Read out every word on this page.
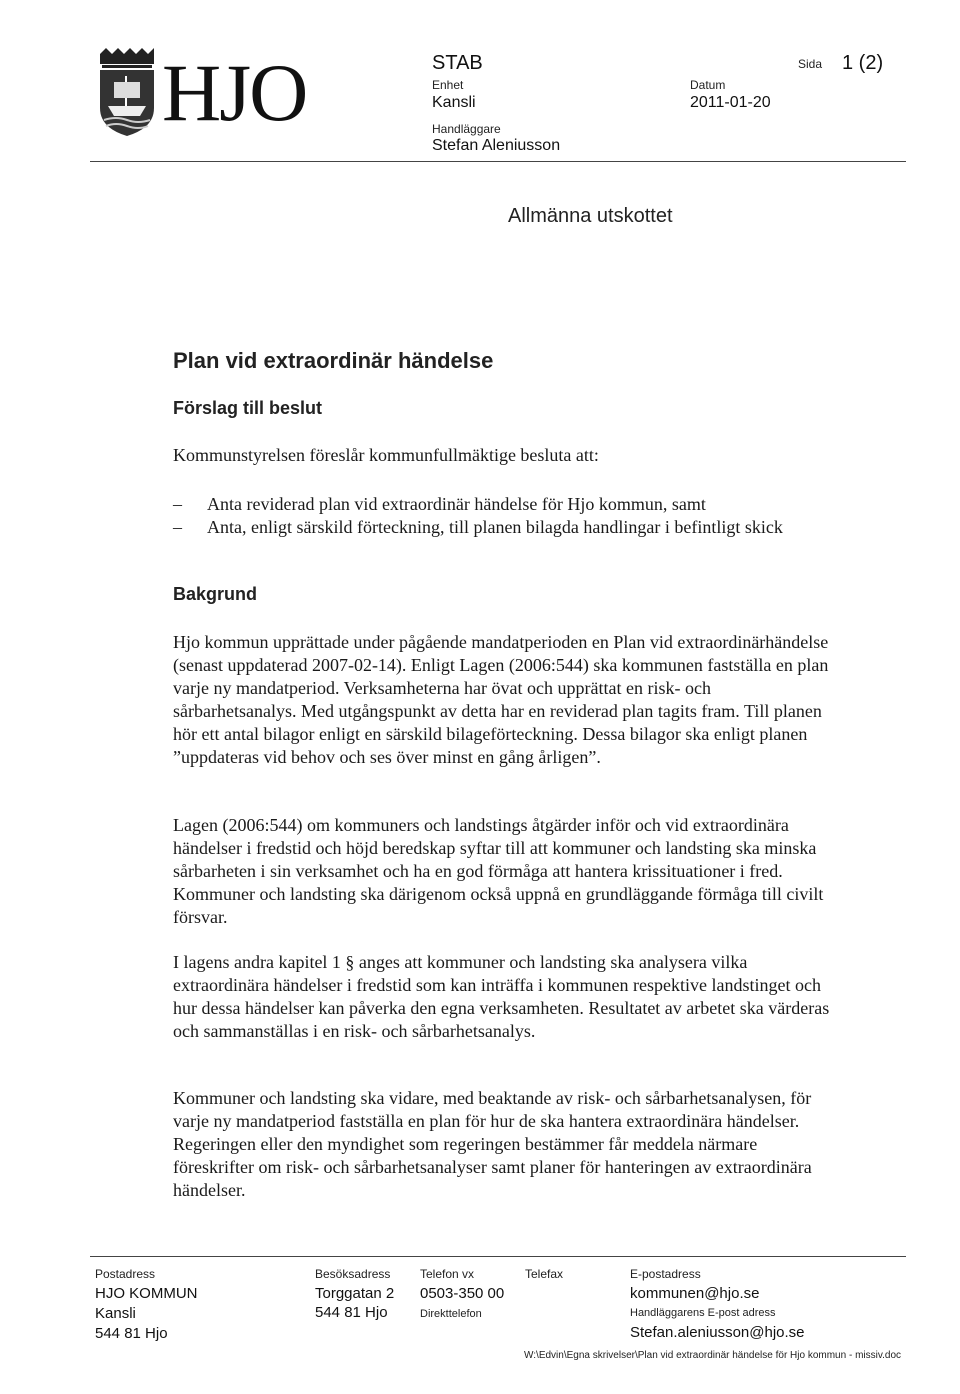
HJO	STAB
Enhet
Kansli
Datum
2011-01-20
Handläggare
Stefan Aleniusson
Sida 1 (2)
Allmänna utskottet
Plan vid extraordinär händelse
Förslag till beslut
Kommunstyrelsen föreslår kommunfullmäktige besluta att:
– Anta reviderad plan vid extraordinär händelse för Hjo kommun, samt
– Anta, enligt särskild förteckning, till planen bilagda handlingar i befintligt skick
Bakgrund
Hjo kommun upprättade under pågående mandatperioden en Plan vid extraordinärhändelse (senast uppdaterad 2007-02-14). Enligt Lagen (2006:544) ska kommunen fastställa en plan varje ny mandatperiod. Verksamheterna har övat och upprättat en risk- och sårbarhetsanalys. Med utgångspunkt av detta har en reviderad plan tagits fram. Till planen hör ett antal bilagor enligt en särskild bilageförteckning. Dessa bilagor ska enligt planen ”uppdateras vid behov och ses över minst en gång årligen”.
Lagen (2006:544) om kommuners och landstings åtgärder inför och vid extraordinära händelser i fredstid och höjd beredskap syftar till att kommuner och landsting ska minska sårbarheten i sin verksamhet och ha en god förmåga att hantera krissituationer i fred. Kommuner och landsting ska därigenom också uppnå en grundläggande förmåga till civilt försvar.
I lagens andra kapitel 1 § anges att kommuner och landsting ska analysera vilka extraordinära händelser i fredstid som kan inträffa i kommunen respektive landstinget och hur dessa händelser kan påverka den egna verksamheten. Resultatet av arbetet ska värderas och sammanställas i en risk- och sårbarhetsanalys.
Kommuner och landsting ska vidare, med beaktande av risk- och sårbarhetsanalysen, för varje ny mandatperiod fastställa en plan för hur de ska hantera extraordinära händelser. Regeringen eller den myndighet som regeringen bestämmer får meddela närmare föreskrifter om risk- och sårbarhetsanalyser samt planer för hanteringen av extraordinära händelser.
Postadress
HJO KOMMUN
Kansli
544 81 Hjo
Besöksadress
Torggatan 2
544 81 Hjo
Telefon vx
0503-350 00
Direkttelefon
Telefax	E-postadress
kommunen@hjo.se
Handläggarens E-post adress
Stefan.aleniusson@hjo.se
W:\Edvin\Egna skrivelser\Plan vid extraordinär händelse för Hjo kommun - missiv.doc
